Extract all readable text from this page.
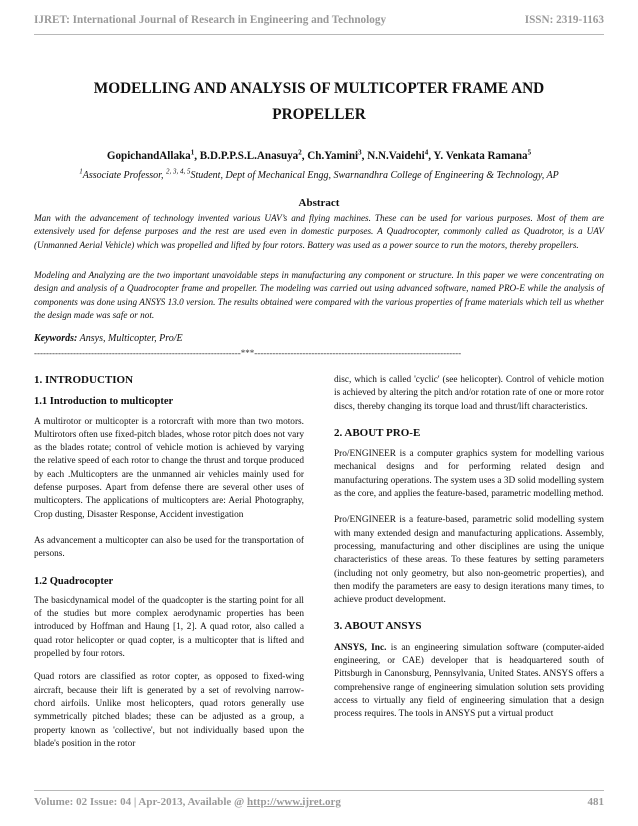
IJRET: International Journal of Research in Engineering and Technology	ISSN: 2319-1163
MODELLING AND ANALYSIS OF MULTICOPTER FRAME AND
PROPELLER
GopichandAllaka$^1$, B.D.P.P.S.L.Anasuya$^2$, Ch.Yamini$^3$, N.N.Vaidehi$^4$, Y. Venkata Ramana$^5$
$^1$Associate Professor, $^{2, 3, 4, 5}$Student, Dept of Mechanical Engg, Swarnandhra College of Engineering & Technology, AP
Abstract

Man with the advancement of technology invented various UAV’s and flying machines. These can be used for various purposes. Most of them are extensively used for defense purposes and the rest are used even in domestic purposes. A Quadrocopter, commonly called as Quadrotor, is a UAV (Unmanned Aerial Vehicle) which was propelled and lifted by four rotors. Battery was used as a power source to run the motors, thereby propellers.

Modeling and Analyzing are the two important unavoidable steps in manufacturing any component or structure. In this paper we were concentrating on design and analysis of a Quadrocopter frame and propeller. The modeling was carried out using advanced software, named PRO-E while the analysis of components was done using ANSYS 13.0 version. The results obtained were compared with the various properties of frame materials which tell us whether the design made was safe or not.

Keywords: Ansys, Multicopter, Pro/E
---------------------------------------------------------------------***---------------------------------------------------------------------
1. INTRODUCTION
1.1 Introduction to multicopter

A multirotor or multicopter is a rotorcraft with more than two motors. Multirotors often use fixed-pitch blades, whose rotor pitch does not vary as the blades rotate; control of vehicle motion is achieved by varying the relative speed of each rotor to change the thrust and torque produced by each .Multicopters are the unmanned air vehicles mainly used for defense purposes. Apart from defense there are several other uses of multicopters. The applications of multicopters are: Aerial Photography, Crop dusting, Disaster Response, Accident investigation

As advancement a multicopter can also be used for the transportation of persons.

1.2 Quadrocopter

The basicdynamical model of the quadcopter is the starting point for all of the studies but more complex aerodynamic properties has been introduced by Hoffman and Haung [1, 2]. A quad rotor, also called a quad rotor helicopter or quad copter, is a multicopter that is lifted and propelled by four rotors.

Quad rotors are classified as rotor copter, as opposed to fixed-wing aircraft, because their lift is generated by a set of revolving narrow-chord airfoils. Unlike most helicopters, quad rotors generally use symmetrically pitched blades; these can be adjusted as a group, a property known as 'collective', but not individually based upon the blade's position in the rotor

disc, which is called 'cyclic' (see helicopter). Control of vehicle motion is achieved by altering the pitch and/or rotation rate of one or more rotor discs, thereby changing its torque load and thrust/lift characteristics.

2. ABOUT PRO-E

Pro/ENGINEER is a computer graphics system for modelling various mechanical designs and for performing related design and manufacturing operations. The system uses a 3D solid modelling system as the core, and applies the feature-based, parametric modelling method.

Pro/ENGINEER is a feature-based, parametric solid modelling system with many extended design and manufacturing applications. Assembly, processing, manufacturing and other disciplines are using the unique characteristics of these areas. To these features by setting parameters (including not only geometry, but also non-geometric properties), and then modify the parameters are easy to design iterations many times, to achieve product development.

3. ABOUT ANSYS

ANSYS, Inc. is an engineering simulation software (computer-aided engineering, or CAE) developer that is headquartered south of Pittsburgh in Canonsburg, Pennsylvania, United States. ANSYS offers a comprehensive range of engineering simulation solution sets providing access to virtually any field of engineering simulation that a design process requires. The tools in ANSYS put a virtual product

Volume: 02 Issue: 04 | Apr-2013, Available @ http://www.ijret.org	481
